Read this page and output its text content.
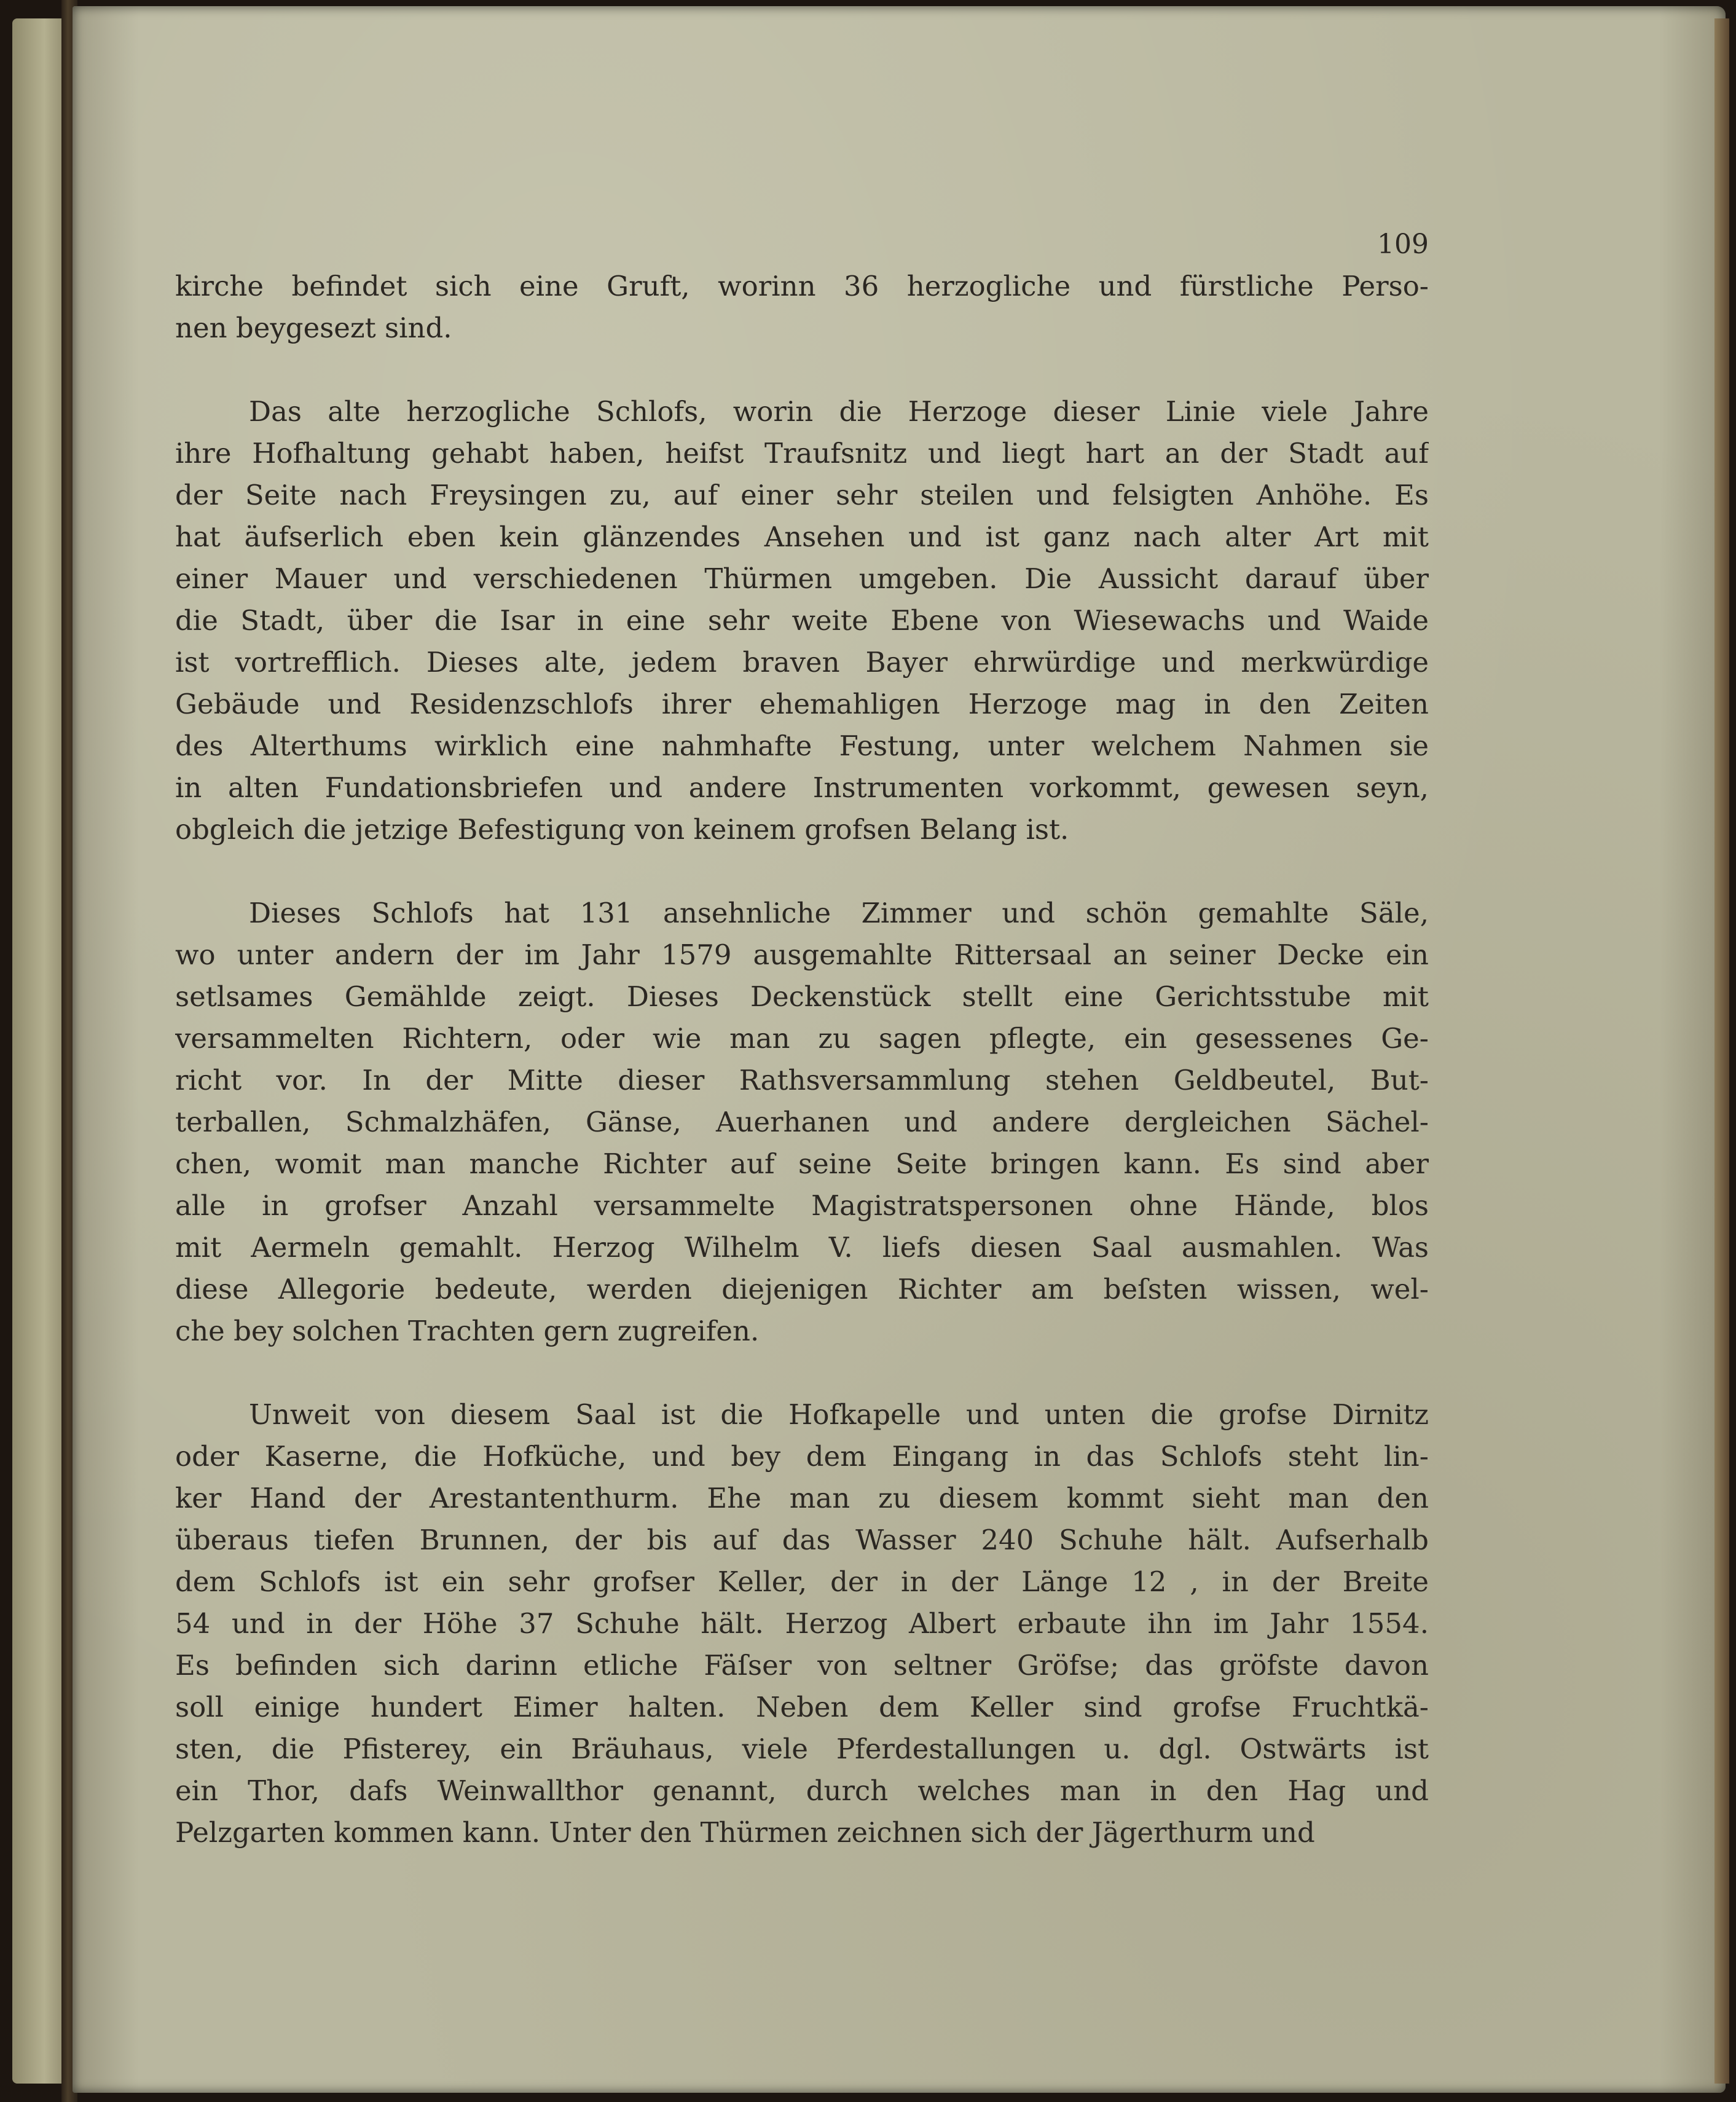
109
kirche befindet sich eine Gruft, worinn 36 herzogliche und fürstliche Perso-
nen beygesezt sind.
Das alte herzogliche Schlofs, worin die Herzoge dieser Linie viele Jahre
ihre Hofhaltung gehabt haben, heifst Traufsnitz und liegt hart an der Stadt auf
der Seite nach Freysingen zu, auf einer sehr steilen und felsigten Anhöhe. Es
hat äufserlich eben kein glänzendes Ansehen und ist ganz nach alter Art mit
einer Mauer und verschiedenen Thürmen umgeben. Die Aussicht darauf über
die Stadt, über die Isar in eine sehr weite Ebene von Wiesewachs und Waide
ist vortrefflich. Dieses alte, jedem braven Bayer ehrwürdige und merkwürdige
Gebäude und Residenzschlofs ihrer ehemahligen Herzoge mag in den Zeiten
des Alterthums wirklich eine nahmhafte Festung, unter welchem Nahmen sie
in alten Fundationsbriefen und andere Instrumenten vorkommt, gewesen seyn,
obgleich die jetzige Befestigung von keinem grofsen Belang ist.
Dieses Schlofs hat 131 ansehnliche Zimmer und schön gemahlte Säle,
wo unter andern der im Jahr 1579 ausgemahlte Rittersaal an seiner Decke ein
setlsames Gemählde zeigt. Dieses Deckenstück stellt eine Gerichtsstube mit
versammelten Richtern, oder wie man zu sagen pflegte, ein gesessenes Ge-
richt vor. In der Mitte dieser Rathsversammlung stehen Geldbeutel, But-
terballen, Schmalzhäfen, Gänse, Auerhanen und andere dergleichen Sächel-
chen, womit man manche Richter auf seine Seite bringen kann. Es sind aber
alle in grofser Anzahl versammelte Magistratspersonen ohne Hände, blos
mit Aermeln gemahlt. Herzog Wilhelm V. liefs diesen Saal ausmahlen. Was
diese Allegorie bedeute, werden diejenigen Richter am beſsten wissen, wel-
che bey solchen Trachten gern zugreifen.
Unweit von diesem Saal ist die Hofkapelle und unten die grofse Dirnitz
oder Kaserne, die Hofküche, und bey dem Eingang in das Schlofs steht lin-
ker Hand der Arestantenthurm. Ehe man zu diesem kommt sieht man den
überaus tiefen Brunnen, der bis auf das Wasser 240 Schuhe hält. Aufserhalb
dem Schlofs ist ein sehr grofser Keller, der in der Länge 12 , in der Breite
54 und in der Höhe 37 Schuhe hält. Herzog Albert erbaute ihn im Jahr 1554.
Es befinden sich darinn etliche Fäſser von seltner Gröfse; das gröfste davon
soll einige hundert Eimer halten. Neben dem Keller sind grofse Fruchtkä-
sten, die Pfisterey, ein Bräuhaus, viele Pferdestallungen u. dgl. Ostwärts ist
ein Thor, dafs Weinwallthor genannt, durch welches man in den Hag und
Pelzgarten kommen kann. Unter den Thürmen zeichnen sich der Jägerthurm und
